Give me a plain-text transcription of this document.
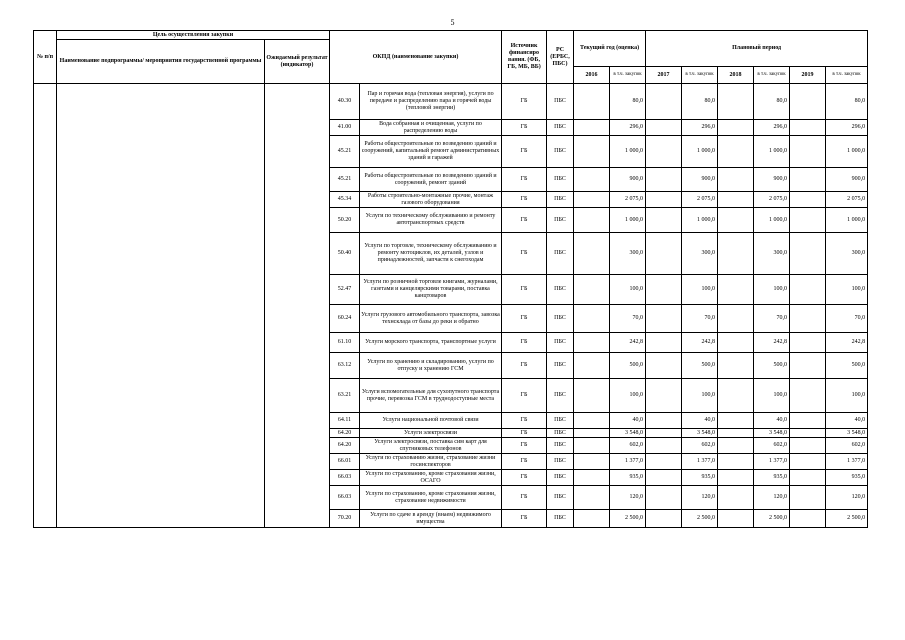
5
№ п/п	Цель осуществления закупки		ОКПД (наименование закупки)		Источник финансиро вания. (ФБ, ГБ, МБ, ВБ)	РС (ЕРБС, ПБС)	Текущий год (оценка)		Плановый период					
	Наименование подпрограммы/ мероприятия государственной программы	Ожидаемый результат (индикатор)												
							2016	в т.ч. закупок	2017	в т.ч. закупок	2018	в т.ч. закупок	2019	в т.ч. закупок
			40.30	Пар и горячая вода (тепловая энергия), услуги по передаче и распределению пара и горячей воды (тепловой энергии)	ГБ	ПБС		80,0		80,0		80,0		80,0
			41.00	Вода собранная и очищенная, услуги по распределению воды	ГБ	ПБС		296,0		296,0		296,0		296,0
			45.21	Работы общестроительные по возведению зданий и сооружений, капитальный ремонт административных зданий и гаражей	ГБ	ПБС		1 000,0		1 000,0		1 000,0		1 000,0
			45.21	Работы общестроительные по возведению зданий и сооружений, ремонт зданий	ГБ	ПБС		900,0		900,0		900,0		900,0
			45.34	Работы строительно-монтажные прочие, монтаж газового оборудования	ГБ	ПБС		2 075,0		2 075,0		2 075,0		2 075,0
			50.20	Услуги по техническому обслуживанию и ремонту автотранспортных средств	ГБ	ПБС		1 000,0		1 000,0		1 000,0		1 000,0
			50.40	Услуги по торговле, техническому обслуживанию и ремонту мотоциклов, их деталей, узлов и принадлежностей, запчасти к снегоходам	ГБ	ПБС		300,0		300,0		300,0		300,0
			52.47	Услуги по розничной торговле книгами, журналами, газетами и канцелярскими товарами, поставка канцтоваров	ГБ	ПБС		100,0		100,0		100,0		100,0
			60.24	Услуги грузового автомобильного транспорта, завозка технсклада от базы до реки и обратно	ГБ	ПБС		70,0		70,0		70,0		70,0
			61.10	Услуги морского транспорта, транспортные услуги	ГБ	ПБС		242,8		242,8		242,8		242,8
			63.12	Услуги по хранению и складированию, услуги по отпуску и хранению ГСМ	ГБ	ПБС		500,0		500,0		500,0		500,0
			63.21	Услуги вспомогательные для сухопутного транспорта прочие, перевозка ГСМ в труднодоступные места	ГБ	ПБС		100,0		100,0		100,0		100,0
			64.11	Услуги национальной почтовой связи	ГБ	ПБС		40,0		40,0		40,0		40,0
			64.20	Услуги электросвязи	ГБ	ПБС		3 548,0		3 548,0		3 548,0		3 548,0
			64.20	Услуги электросвязи, поставка сим карт для спутниковых телефонов	ГБ	ПБС		602,0		602,0		602,0		602,0
			66.01	Услуги по страхованию жизни, страхование жизни госинспекторов	ГБ	ПБС		1 377,0		1 377,0		1 377,0		1 377,0
			66.03	Услуги по страхованию, кроме страхования жизни, ОСАГО	ГБ	ПБС		935,0		935,0		935,0		935,0
			66.03	Услуги по страхованию, кроме страхования жизни, страхование недвижимости	ГБ	ПБС		120,0		120,0		120,0		120,0
			70.20	Услуги по сдаче в аренду (внаем) недвижимого имущества	ГБ	ПБС		2 500,0		2 500,0		2 500,0		2 500,0
